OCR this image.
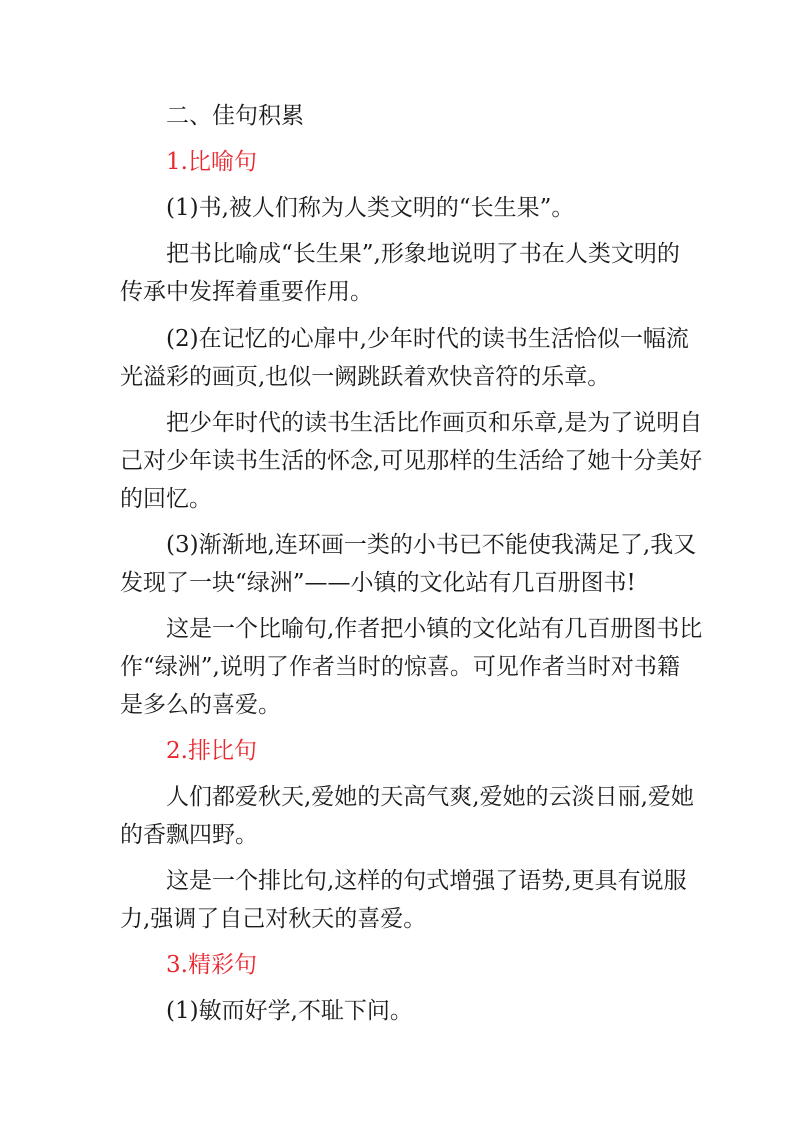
二、佳句积累
1.比喻句
(1)书,被人们称为人类文明的“长生果”。
把书比喻成“长生果”,形象地说明了书在人类文明的
传承中发挥着重要作用。
(2)在记忆的心扉中,少年时代的读书生活恰似一幅流
光溢彩的画页,也似一阙跳跃着欢快音符的乐章。
把少年时代的读书生活比作画页和乐章,是为了说明自
己对少年读书生活的怀念,可见那样的生活给了她十分美好
的回忆。
(3)渐渐地,连环画一类的小书已不能使我满足了,我又
发现了一块“绿洲”——小镇的文化站有几百册图书!
这是一个比喻句,作者把小镇的文化站有几百册图书比
作“绿洲”,说明了作者当时的惊喜。可见作者当时对书籍
是多么的喜爱。
2.排比句
人们都爱秋天,爱她的天高气爽,爱她的云淡日丽,爱她
的香飘四野。
这是一个排比句,这样的句式增强了语势,更具有说服
力,强调了自己对秋天的喜爱。
3.精彩句
(1)敏而好学,不耻下问。
